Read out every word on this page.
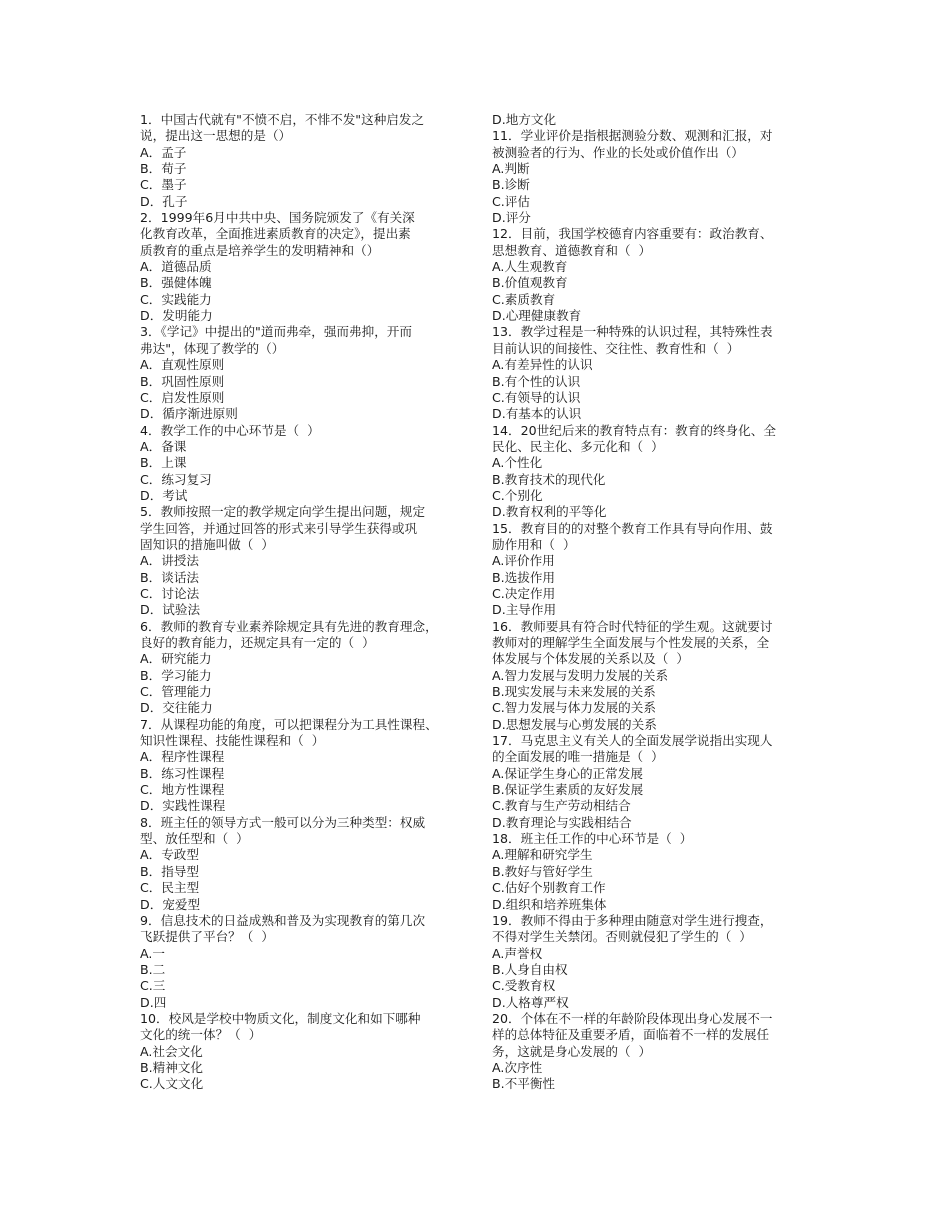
1．中国古代就有"不愤不启，不悱不发"这种启发之
说，提出这一思想的是（）
A．孟子
B．荀子
C．墨子
D．孔子
2．1999年6月中共中央、国务院颁发了《有关深
化教育改革，全面推进素质教育的决定》，提出素
质教育的重点是培养学生的发明精神和（）
A．道德品质
B．强健体魄
C．实践能力
D．发明能力
3．《学记》中提出的"道而弗牵，强而弗抑，开而
弗达"，体现了教学的（）
A．直观性原则
B．巩固性原则
C．启发性原则
D．循序渐进原则
4．教学工作的中心环节是（  ）
A．备课
B．上课
C．练习复习
D．考试
5．教师按照一定的教学规定向学生提出问题，规定
学生回答，并通过回答的形式来引导学生获得或巩
固知识的措施叫做（  ）
A．讲授法
B．谈话法
C．讨论法
D．试验法
6．教师的教育专业素养除规定具有先进的教育理念，
良好的教育能力，还规定具有一定的（  ）
A．研究能力
B．学习能力
C．管理能力
D．交往能力
7．从课程功能的角度，可以把课程分为工具性课程、
知识性课程、技能性课程和（  ）
A．程序性课程
B．练习性课程
C．地方性课程
D．实践性课程
8．班主任的领导方式一般可以分为三种类型：权威
型、放任型和（  ）
A．专政型
B．指导型
C．民主型
D．宠爱型
9．信息技术的日益成熟和普及为实现教育的第几次
飞跃提供了平台？（  ）
A.一
B.二
C.三
D.四
10．校风是学校中物质文化，制度文化和如下哪种
文化的统一体？（  ）
A.社会文化
B.精神文化
C.人文文化
D.地方文化
11．学业评价是指根据测验分数、观测和汇报，对
被测验者的行为、作业的长处或价值作出（）
A.判断
B.诊断
C.评估
D.评分
12．目前，我国学校德育内容重要有：政治教育、
思想教育、道德教育和（  ）
A.人生观教育
B.价值观教育
C.素质教育
D.心理健康教育
13．教学过程是一种特殊的认识过程，其特殊性表
目前认识的间接性、交往性、教育性和（  ）
A.有差异性的认识
B.有个性的认识
C.有领导的认识
D.有基本的认识
14．20世纪后来的教育特点有：教育的终身化、全
民化、民主化、多元化和（  ）
A.个性化
B.教育技术的现代化
C.个别化
D.教育权利的平等化
15．教育目的的对整个教育工作具有导向作用、鼓
励作用和（  ）
A.评价作用
B.选拔作用
C.决定作用
D.主导作用
16．教师要具有符合时代特征的学生观。这就要讨
教师对的理解学生全面发展与个性发展的关系，全
体发展与个体发展的关系以及（  ）
A.智力发展与发明力发展的关系
B.现实发展与未来发展的关系
C.智力发展与体力发展的关系
D.思想发展与心剪发展的关系
17．马克思主义有关人的全面发展学说指出实现人
的全面发展的唯一措施是（  ）
A.保证学生身心的正常发展
B.保证学生素质的友好发展
C.教育与生产劳动相结合
D.教育理论与实践相结合
18．班主任工作的中心环节是（  ）
A.理解和研究学生
B.教好与管好学生
C.估好个别教育工作
D.组织和培养班集体
19．教师不得由于多种理由随意对学生进行搜查，
不得对学生关禁闭。否则就侵犯了学生的（  ）
A.声誉权
B.人身自由权
C.受教育权
D.人格尊严权
20．个体在不一样的年龄阶段体现出身心发展不一
样的总体特征及重要矛盾，面临着不一样的发展任
务，这就是身心发展的（  ）
A.次序性
B.不平衡性
